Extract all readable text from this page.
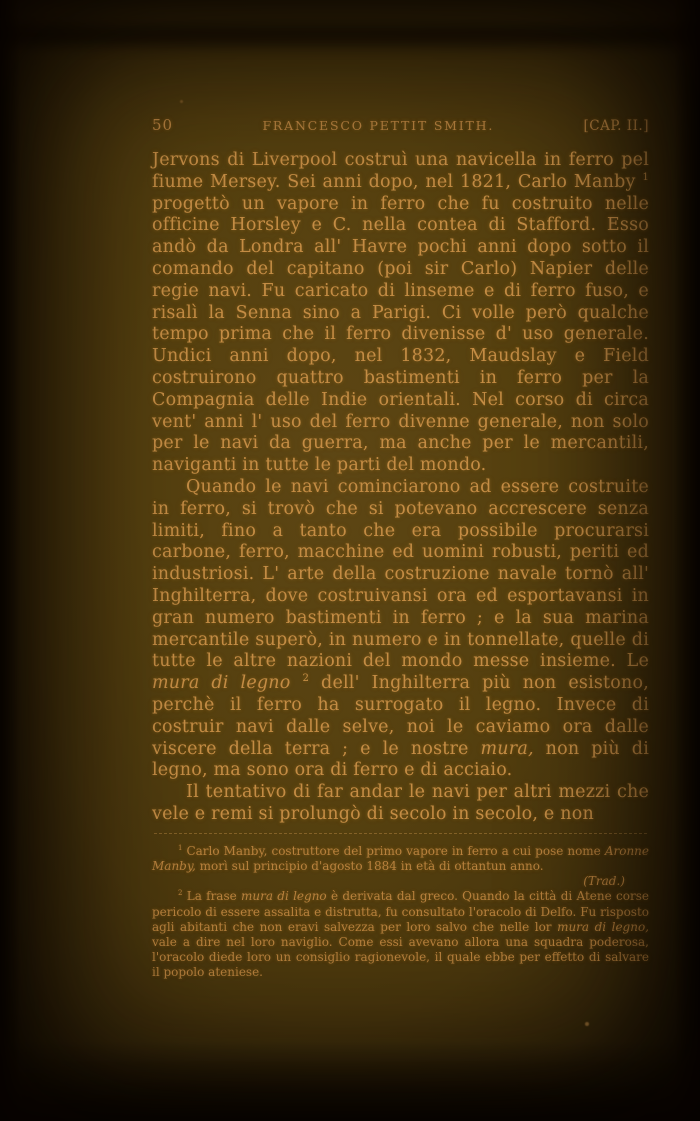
50	FRANCESCO PETTIT SMITH.	[CAP. II.]

Jervons di Liverpool costruì una navicella in ferro pel fiume Mersey. Sei anni dopo, nel 1821, Carlo Manby $^1$ progettò un vapore in ferro che fu costruito nelle officine Horsley e C. nella contea di Stafford. Esso andò da Londra all' Havre pochi anni dopo sotto il comando del capitano (poi sir Carlo) Napier delle regie navi. Fu caricato di linseme e di ferro fuso, e risalì la Senna sino a Parigi. Ci volle però qualche tempo prima che il ferro divenisse d' uso generale. Undici anni dopo, nel 1832, Maudslay e Field costruirono quattro bastimenti in ferro per la Compagnia delle Indie orientali. Nel corso di circa vent' anni l' uso del ferro divenne generale, non solo per le navi da guerra, ma anche per le mercantili, naviganti in tutte le parti del mondo.

Quando le navi cominciarono ad essere costruite in ferro, si trovò che si potevano accrescere senza limiti, fino a tanto che era possibile procurarsi carbone, ferro, macchine ed uomini robusti, periti ed industriosi. L' arte della costruzione navale tornò all' Inghilterra, dove costruivansi ora ed esportavansi in gran numero bastimenti in ferro ; e la sua marina mercantile superò, in numero e in tonnellate, quelle di tutte le altre nazioni del mondo messe insieme. Le mura di legno $^2$ dell' Inghilterra più non esistono, perchè il ferro ha surrogato il legno. Invece di costruir navi dalle selve, noi le caviamo ora dalle viscere della terra ; e le nostre mura, non più di legno, ma sono ora di ferro e di acciaio.

Il tentativo di far andar le navi per altri mezzi che vele e remi si prolungò di secolo in secolo, e non

$^1$ Carlo Manby, costruttore del primo vapore in ferro a cui pose nome Aronne Manby, morì sul principio d'agosto 1884 in età di ottantun anno.

(Trad.)

$^2$ La frase mura di legno è derivata dal greco. Quando la città di Atene corse pericolo di essere assalita e distrutta, fu consultato l'oracolo di Delfo. Fu risposto agli abitanti che non eravi salvezza per loro salvo che nelle lor mura di legno, vale a dire nel loro naviglio. Come essi avevano allora una squadra poderosa, l'oracolo diede loro un consiglio ragionevole, il quale ebbe per effetto di salvare il popolo ateniese.
